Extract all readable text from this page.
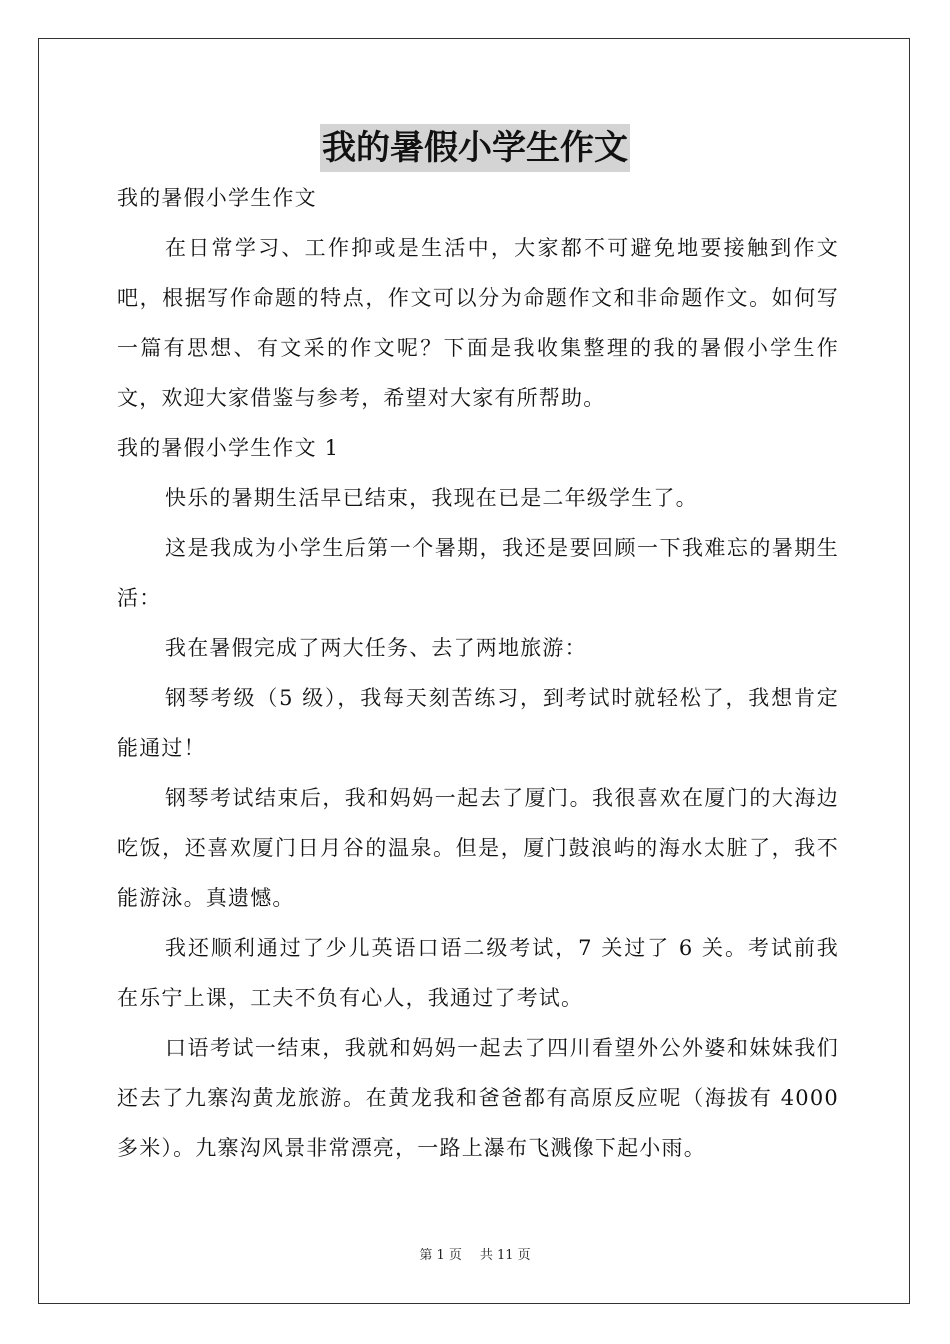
我的暑假小学生作文

我的暑假小学生作文

在日常学习、工作抑或是生活中，大家都不可避免地要接触到作文吧，根据写作命题的特点，作文可以分为命题作文和非命题作文。如何写一篇有思想、有文采的作文呢？下面是我收集整理的我的暑假小学生作文，欢迎大家借鉴与参考，希望对大家有所帮助。

我的暑假小学生作文 1

快乐的暑期生活早已结束，我现在已是二年级学生了。

这是我成为小学生后第一个暑期，我还是要回顾一下我难忘的暑期生活：

我在暑假完成了两大任务、去了两地旅游：

钢琴考级（5 级），我每天刻苦练习，到考试时就轻松了，我想肯定能通过！

钢琴考试结束后，我和妈妈一起去了厦门。我很喜欢在厦门的大海边吃饭，还喜欢厦门日月谷的温泉。但是，厦门鼓浪屿的海水太脏了，我不能游泳。真遗憾。

我还顺利通过了少儿英语口语二级考试，7 关过了 6 关。考试前我在乐宁上课，工夫不负有心人，我通过了考试。

口语考试一结束，我就和妈妈一起去了四川看望外公外婆和妹妹我们还去了九寨沟黄龙旅游。在黄龙我和爸爸都有高原反应呢（海拔有 4000 多米）。九寨沟风景非常漂亮，一路上瀑布飞溅像下起小雨。

第 1 页 共 11 页
